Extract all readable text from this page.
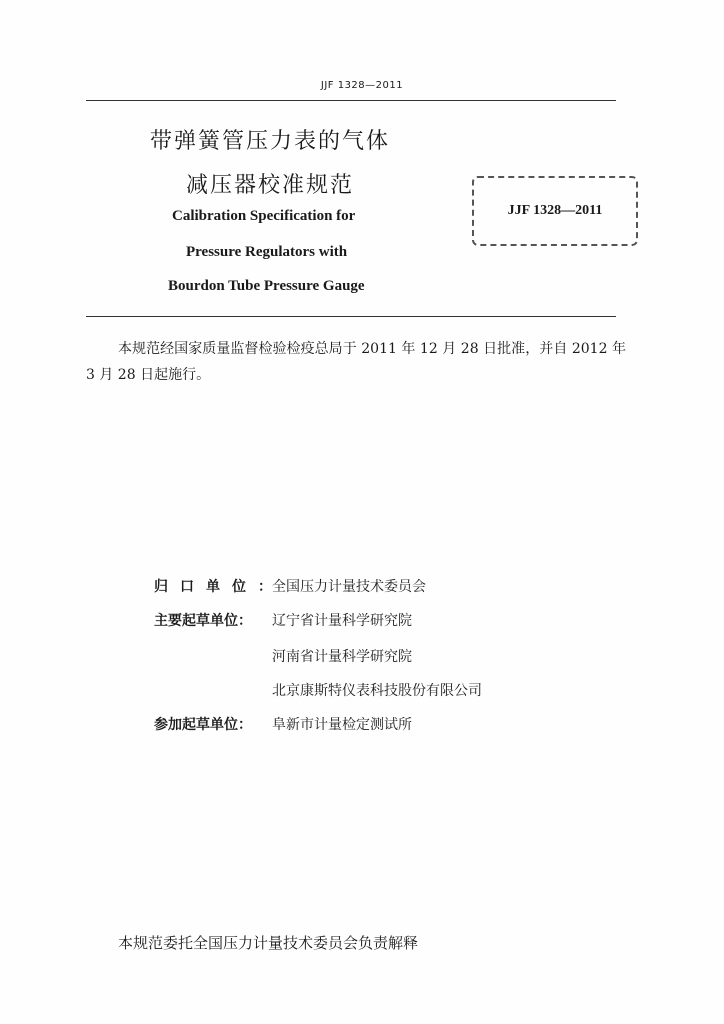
JJF 1328—2011
带弹簧管压力表的气体
减压器校准规范
Calibration Specification for
Pressure Regulators with
Bourdon Tube Pressure Gauge
JJF 1328—2011
本规范经国家质量监督检验检疫总局于 2011 年 12 月 28 日批准，并自 2012 年 3 月 28 日起施行。
归口单位：
全国压力计量技术委员会
主要起草单位：	辽宁省计量科学研究院
河南省计量科学研究院
北京康斯特仪表科技股份有限公司
参加起草单位：	阜新市计量检定测试所
本规范委托全国压力计量技术委员会负责解释
